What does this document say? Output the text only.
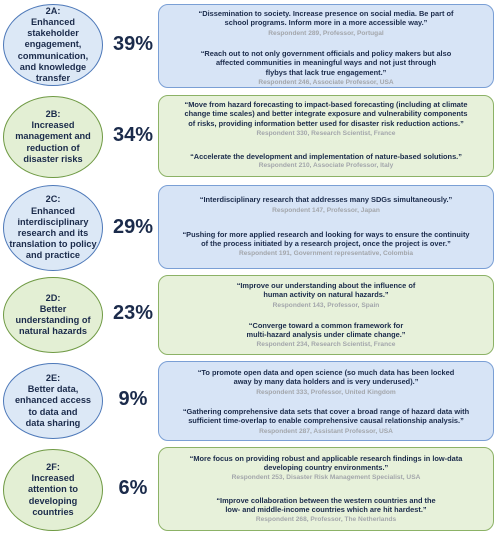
2A:
Enhanced
stakeholder
engagement,
communication,
and knowledge
transfer
39%
“Dissemination to society. Increase presence on social media. Be part of
school programs. Inform more in a more accessible way.”
Respondent 289, Professor, Portugal
“Reach out to not only government officials and policy makers but also
affected communities in meaningful ways and not just through
flybys that lack true engagement.”
Respondent 246, Associate Professor, USA
2B:
Increased
management and
reduction of
disaster risks
34%
“Move from hazard forecasting to impact-based forecasting (including at climate
change time scales) and better integrate exposure and vulnerability components
of risks, providing information better used for disaster risk reduction actions.”
Respondent 330, Research Scientist, France
“Accelerate the development and implementation of nature-based solutions.”
Respondent 210, Associate Professor, Italy
2C:
Enhanced
interdisciplinary
research and its
translation to policy
and practice
29%
“Interdisciplinary research that addresses many SDGs simultaneously.”
Respondent 147, Professor, Japan
“Pushing for more applied research and looking for ways to ensure the continuity
of the process initiated by a research project, once the project is over.”
Respondent 191, Government representative, Colombia
2D:
Better
understanding of
natural hazards
23%
“Improve our understanding about the influence of
human activity on natural hazards.”
Respondent 143, Professor, Spain
“Converge toward a common framework for
multi-hazard analysis under climate change.”
Respondent 234, Research Scientist, France
2E:
Better data,
enhanced access
to data and
data sharing
9%
“To promote open data and open science (so much data has been locked
away by many data holders and is very underused).”
Respondent 333, Professor, United Kingdom
“Gathering comprehensive data sets that cover a broad range of hazard data with
sufficient time-overlap to enable comprehensive causal relationship analysis.”
Respondent 287, Assistant Professor, USA
2F:
Increased
attention to
developing
countries
6%
“More focus on providing robust and applicable research findings in low-data
developing country environments.”
Respondent 253, Disaster Risk Management Specialist, USA
“Improve collaboration between the western countries and the
low- and middle-income countries which are hit hardest.”
Respondent 268, Professor, The Netherlands
